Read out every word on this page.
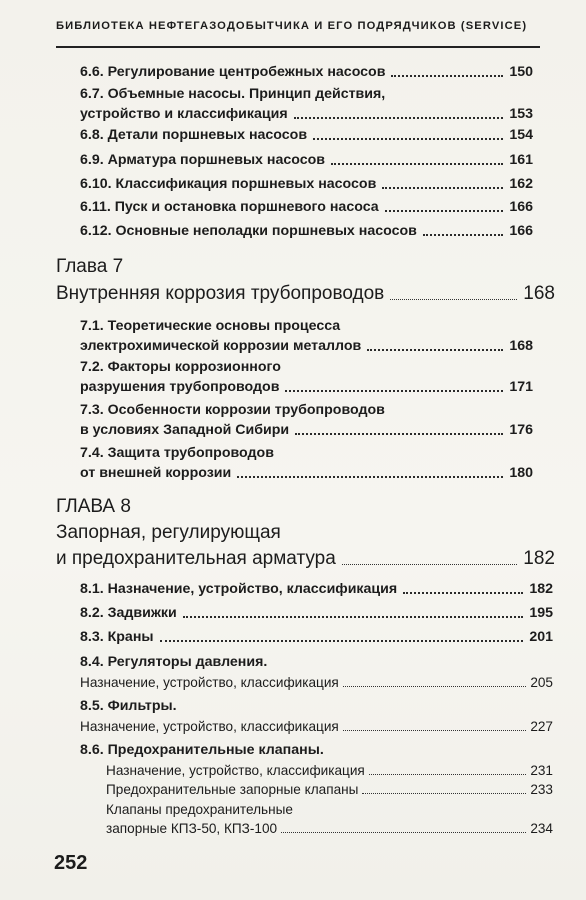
БИБЛИОТЕКА НЕФТЕГАЗОДОБЫТЧИКА И ЕГО ПОДРЯДЧИКОВ (SERVICE)
6.6. Регулирование центробежных насосов	150
6.7. Объемные насосы. Принцип действия,
устройство и классификация	153
6.8. Детали поршневых насосов	154
6.9. Арматура поршневых насосов	161
6.10. Классификация поршневых насосов	162
6.11. Пуск и остановка поршневого насоса	166
6.12. Основные неполадки поршневых насосов	166
Глава 7
Внутренняя коррозия трубопроводов	168
7.1. Теоретические основы процесса
электрохимической коррозии металлов	168
7.2. Факторы коррозионного
разрушения трубопроводов	171
7.3. Особенности коррозии трубопроводов
в условиях Западной Сибири	176
7.4. Защита трубопроводов
от внешней коррозии	180
ГЛАВА 8
Запорная, регулирующая
и предохранительная арматура	182
8.1. Назначение, устройство, классификация	182
8.2. Задвижки	195
8.3. Краны	201
8.4. Регуляторы давления.
Назначение, устройство, классификация	205
8.5. Фильтры.
Назначение, устройство, классификация	227
8.6. Предохранительные клапаны.
Назначение, устройство, классификация	231
Предохранительные запорные клапаны	233
Клапаны предохранительные
запорные КПЗ-50, КПЗ-100	234
252
